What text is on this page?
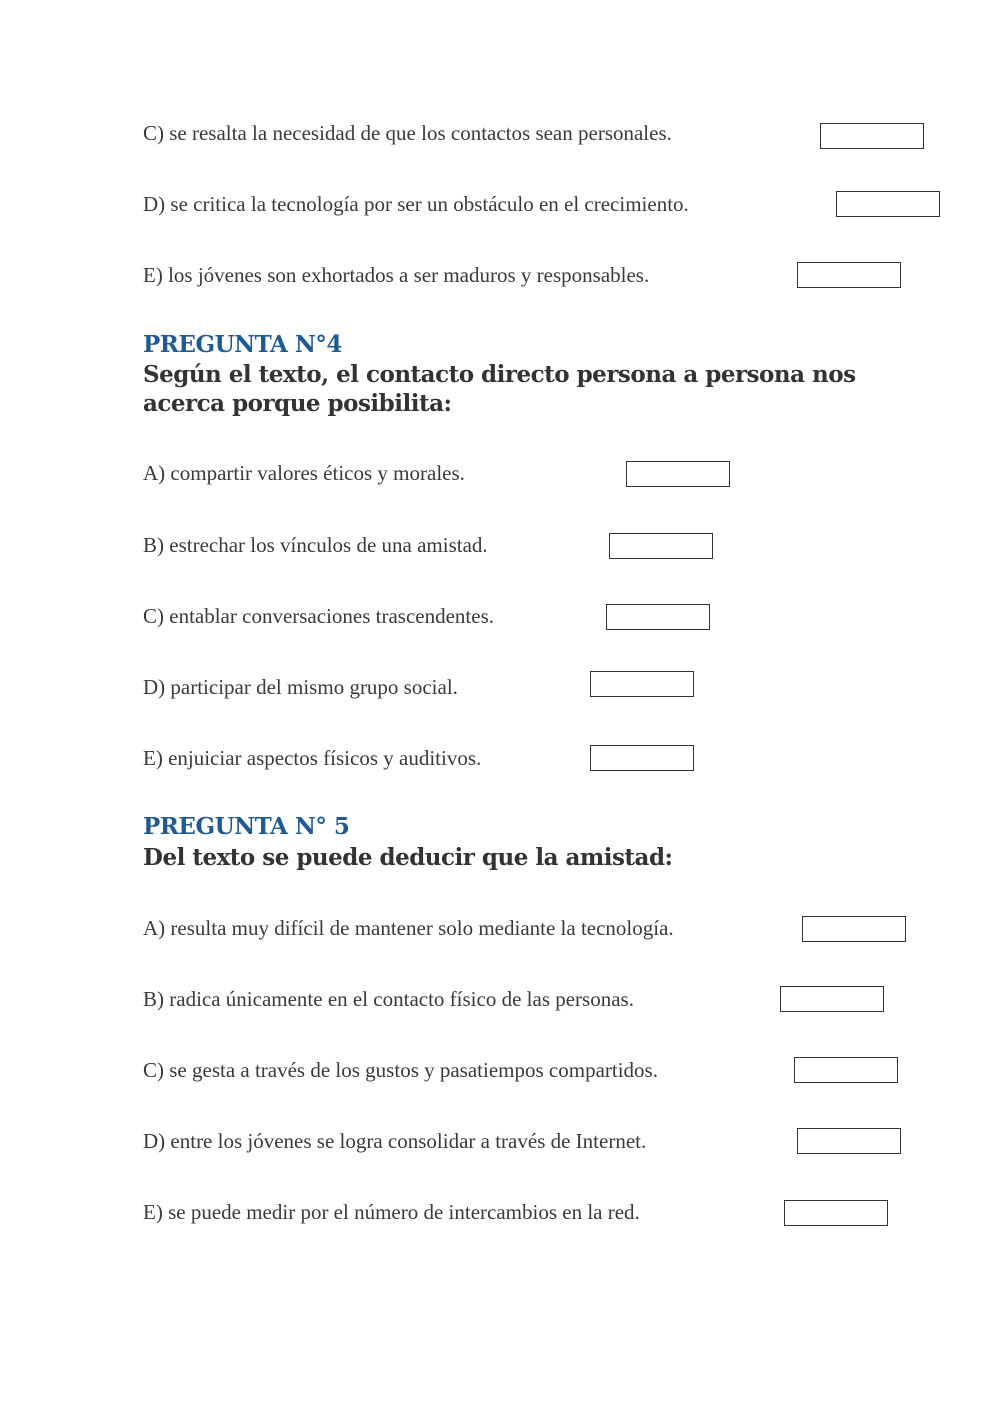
C) se resalta la necesidad de que los contactos sean personales.
D) se critica la tecnología por ser un obstáculo en el crecimiento.
E) los jóvenes son exhortados a ser maduros y responsables.
PREGUNTA N°4
Según el texto, el contacto directo persona a persona nos acerca porque posibilita:
A) compartir valores éticos y morales.
B) estrechar los vínculos de una amistad.
C) entablar conversaciones trascendentes.
D) participar del mismo grupo social.
E) enjuiciar aspectos físicos y auditivos.
PREGUNTA N° 5
Del texto se puede deducir que la amistad:
A) resulta muy difícil de mantener solo mediante la tecnología.
B) radica únicamente en el contacto físico de las personas.
C) se gesta a través de los gustos y pasatiempos compartidos.
D) entre los jóvenes se logra consolidar a través de Internet.
E) se puede medir por el número de intercambios en la red.
